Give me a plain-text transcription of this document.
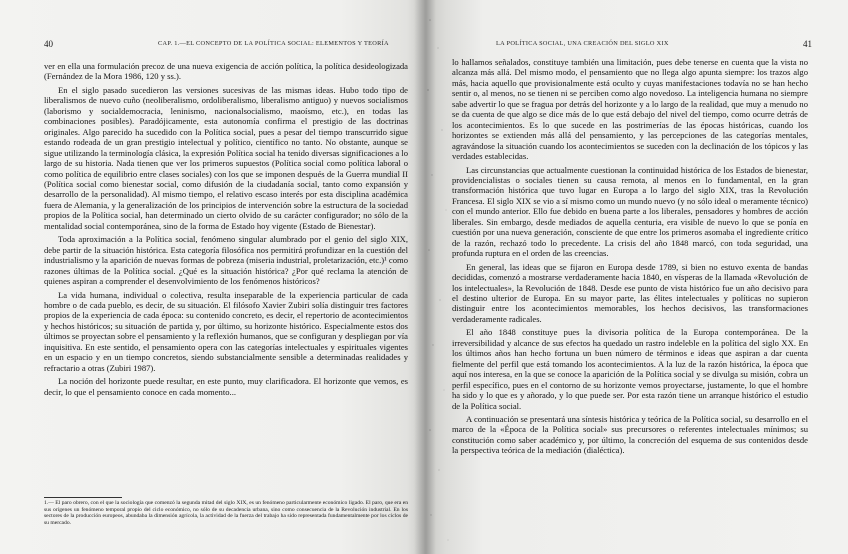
40	CAP. 1.—EL CONCEPTO DE LA POLÍTICA SOCIAL: ELEMENTOS Y TEORÍA

ver en ella una formulación precoz de una nueva exigencia de acción política, la política desideologizada (Fernández de la Mora 1986, 120 y ss.).

En el siglo pasado sucedieron las versiones sucesivas de las mismas ideas. Hubo todo tipo de liberalismos de nuevo cuño (neoliberalismo, ordoliberalismo, liberalismo antiguo) y nuevos socialismos (laborismo y socialdemocracia, leninismo, nacionalsocialismo, maoísmo, etc.), en todas las combinaciones posibles). Paradójicamente, esta autonomía confirma el prestigio de las doctrinas originales. Algo parecido ha sucedido con la Política social, pues a pesar del tiempo transcurrido sigue estando rodeada de un gran prestigio intelectual y político, científico no tanto. No obstante, aunque se sigue utilizando la terminología clásica, la expresión Política social ha tenido diversas significaciones a lo largo de su historia. Nada tienen que ver los primeros supuestos (Política social como política laboral o como política de equilibrio entre clases sociales) con los que se imponen después de la Guerra mundial II (Política social como bienestar social, como difusión de la ciudadanía social, tanto como expansión y desarrollo de la personalidad). Al mismo tiempo, el relativo escaso interés por esta disciplina académica fuera de Alemania, y la generalización de los principios de intervención sobre la estructura de la sociedad propios de la Política social, han determinado un cierto olvido de su carácter configurador; no sólo de la mentalidad social contemporánea, sino de la forma de Estado hoy vigente (Estado de Bienestar).

Toda aproximación a la Política social, fenómeno singular alumbrado por el genio del siglo XIX, debe partir de la situación histórica. Esta categoría filosófica nos permitirá profundizar en la cuestión del industrialismo y la aparición de nuevas formas de pobreza (miseria industrial, proletarización, etc.)¹ como razones últimas de la Política social. ¿Qué es la situación histórica? ¿Por qué reclama la atención de quienes aspiran a comprender el desenvolvimiento de los fenómenos históricos?

La vida humana, individual o colectiva, resulta inseparable de la experiencia particular de cada hombre o de cada pueblo, es decir, de su situación. El filósofo Xavier Zubiri solía distinguir tres factores propios de la experiencia de cada época: su contenido concreto, es decir, el repertorio de acontecimientos y hechos históricos; su situación de partida y, por último, su horizonte histórico. Especialmente estos dos últimos se proyectan sobre el pensamiento y la reflexión humanos, que se configuran y despliegan por vía inquisitiva. En este sentido, el pensamiento opera con las categorías intelectuales y espirituales vigentes en un espacio y en un tiempo concretos, siendo substancialmente sensible a determinadas realidades y refractario a otras (Zubiri 1987).

La noción del horizonte puede resultar, en este punto, muy clarificadora. El horizonte que vemos, es decir, lo que el pensamiento conoce en cada momento...

1.— El paro obrero, con el que la sociología que comenzó la segunda mitad del siglo XIX, es un fenómeno particularmente económico ligado. El paro, que era en sus orígenes un fenómeno temporal propio del ciclo económico, no sólo de su decadencia urbana, sino como consecuencia de la Revolución industrial. En los sectores de la producción europeos, abundaba la dimensión agrícola, la actividad de la fuerza del trabajo ha sido representada fundamentalmente por los ciclos de su mercado.
41

lo hallamos señalados, constituye también una limitación, pues debe tenerse en cuenta que la vista no alcanza más allá. Del mismo modo, el pensamiento que no llega algo apunta siempre: los trazos algo más, hacia aquello que provisionalmente está oculto y cuyas manifestaciones todavía no se han hecho sentir o, al menos, no se tienen ni se perciben como algo novedoso. La inteligencia humana no siempre sabe advertir lo que se fragua por detrás del horizonte y a lo largo de la realidad, que muy a menudo no se da cuenta de que algo se dice más de lo que está debajo del nivel del tiempo, como ocurre detrás de los acontecimientos. Es lo que sucede en las postrimerías de las épocas históricas, cuando los horizontes se extienden más allá del pensamiento, y las percepciones de las categorías mentales, agravándose la situación cuando los acontecimientos se suceden con la declinación de los tópicos y las verdades establecidas.

Las circunstancias que actualmente cuestionan la continuidad histórica de los Estados de bienestar, providencialistas o sociales tienen su causa remota, al menos en lo fundamental, en la gran transformación histórica que tuvo lugar en Europa a lo largo del siglo XIX, tras la Revolución Francesa. El siglo XIX se vio a sí mismo como un mundo nuevo (y no sólo ideal o meramente técnico) con el mundo anterior. Ello fue debido en buena parte a los liberales, pensadores y hombres de acción liberales. Sin embargo, desde mediados de aquella centuria, era visible de nuevo lo que se ponía en cuestión por una nueva generación, consciente de que entre los primeros asomaba el ingrediente crítico de la razón, rechazó todo lo precedente. La crisis del año 1848 marcó, con toda seguridad, una profunda ruptura en el orden de las creencias.

En general, las ideas que se fijaron en Europa desde 1789, si bien no estuvo exenta de bandas decididas, comenzó a mostrarse verdaderamente hacia 1840, en vísperas de la llamada «Revolución de los intelectuales», la Revolución de 1848. Desde ese punto de vista histórico fue un año decisivo para el destino ulterior de Europa. En su mayor parte, las élites intelectuales y políticas no supieron distinguir entre los acontecimientos memorables, los hechos decisivos, las transformaciones verdaderamente radicales.

El año 1848 constituye pues la divisoria política de la Europa contemporánea. De la irreversibilidad y alcance de sus efectos ha quedado un rastro indeleble en la política del siglo XX. En los últimos años han hecho fortuna un buen número de términos e ideas que aspiran a dar cuenta fielmente del perfil que está tomando los acontecimientos. A la luz de la razón histórica, la época que aquí nos interesa, en la que se conoce la aparición de la Política social y se divulga su misión, cobra un perfil específico, pues en el contorno de su horizonte vemos proyectarse, justamente, lo que el hombre ha sido y lo que es y añorado, y lo que puede ser. Por esta razón tiene un arranque histórico el estudio de la Política social.

A continuación se presentará una síntesis histórica y teórica de la Política social, su desarrollo en el marco de la «Época de la Política social» sus precursores o referentes intelectuales mínimos; su constitución como saber académico y, por último, la concreción del esquema de sus contenidos desde la perspectiva teórica de la mediación (dialéctica).

LA POLÍTICA SOCIAL, UNA CREACIÓN DEL SIGLO XIX
